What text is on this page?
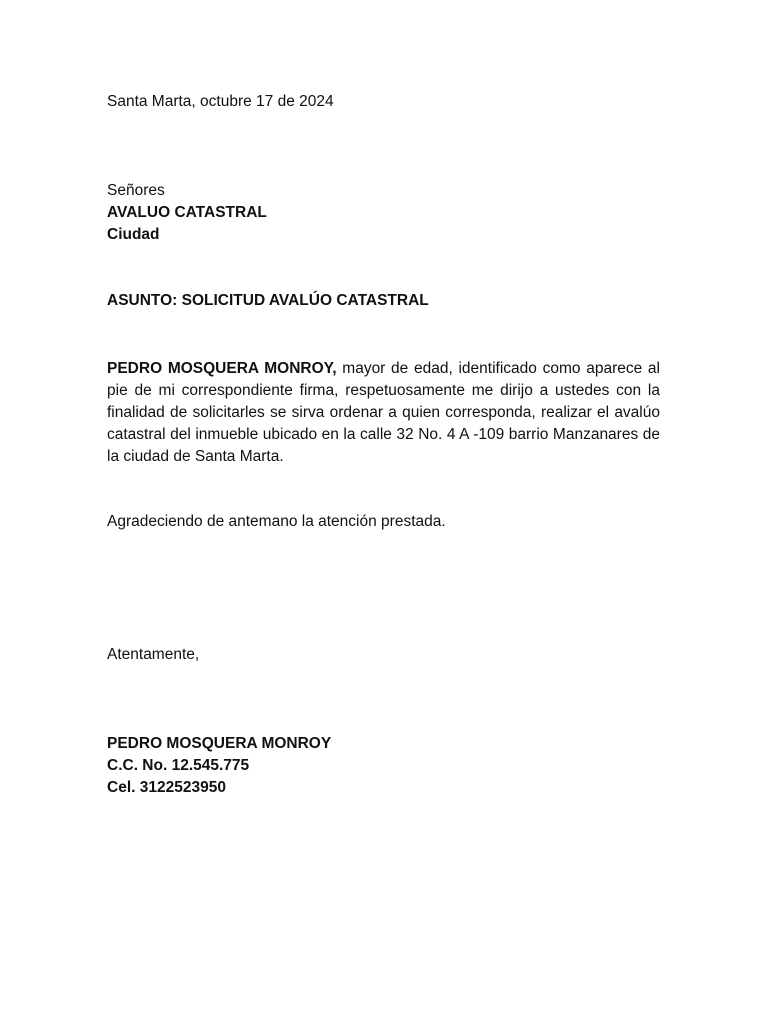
Santa Marta, octubre 17 de 2024
Señores
AVALUO CATASTRAL
Ciudad
ASUNTO: SOLICITUD AVALÚO CATASTRAL
PEDRO MOSQUERA MONROY, mayor de edad, identificado como aparece al pie de mi correspondiente firma, respetuosamente me dirijo a ustedes con la finalidad de solicitarles se sirva ordenar a quien corresponda, realizar el avalúo catastral del inmueble ubicado en la calle 32 No. 4 A -109 barrio Manzanares de la ciudad de Santa Marta.
Agradeciendo de antemano la atención prestada.
Atentamente,
PEDRO MOSQUERA MONROY
C.C. No. 12.545.775
Cel. 3122523950
